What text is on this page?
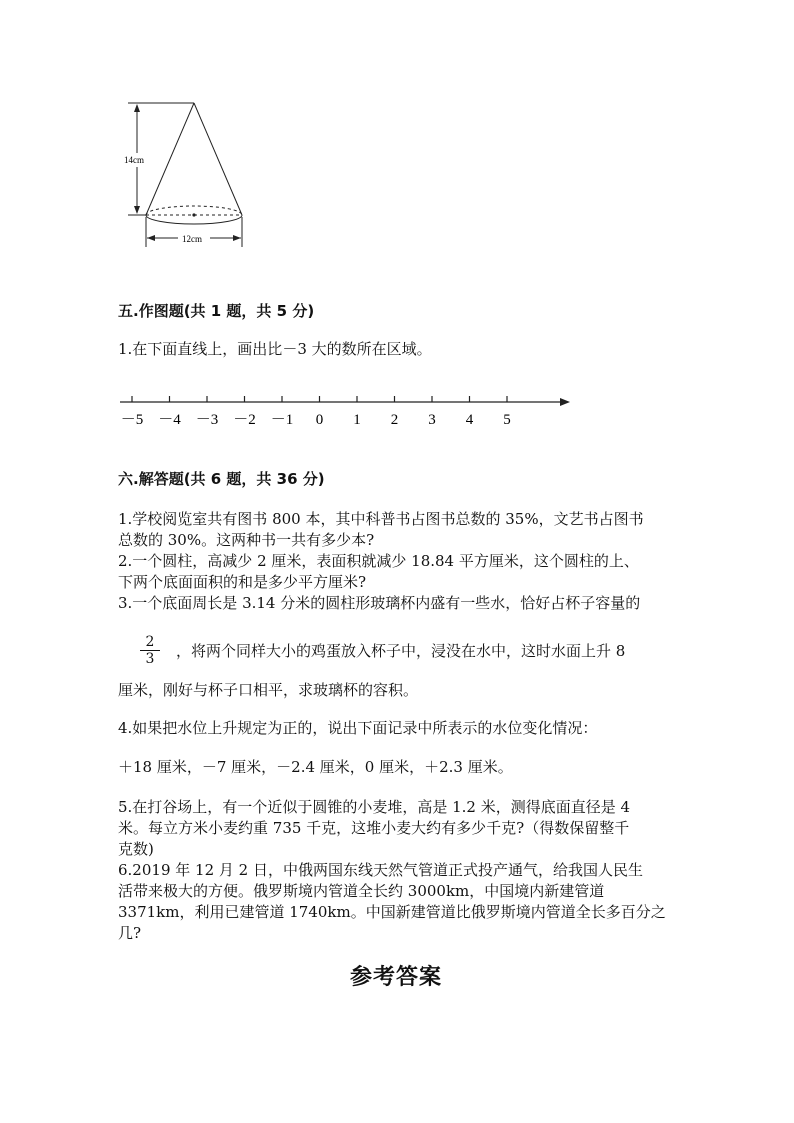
14cm
12cm
五.作图题(共 1 题，共 5 分)
1.在下面直线上，画出比－3 大的数所在区域。
－5 －4 －3 －2 －1 0 1 2 3 4 5
六.解答题(共 6 题，共 36 分)
1.学校阅览室共有图书 800 本，其中科普书占图书总数的 35%，文艺书占图书
总数的 30%。这两种书一共有多少本?
2.一个圆柱，高减少 2 厘米，表面积就减少 18.84 平方厘米，这个圆柱的上、
下两个底面面积的和是多少平方厘米?
3.一个底面周长是 3.14 分米的圆柱形玻璃杯内盛有一些水，恰好占杯子容量的
$\frac{2}{3}$ ，将两个同样大小的鸡蛋放入杯子中，浸没在水中，这时水面上升 8
厘米，刚好与杯子口相平，求玻璃杯的容积。
4.如果把水位上升规定为正的，说出下面记录中所表示的水位变化情况：
＋18 厘米，－7 厘米，－2.4 厘米，0 厘米，＋2.3 厘米。
5.在打谷场上，有一个近似于圆锥的小麦堆，高是 1.2 米，测得底面直径是 4
米。每立方米小麦约重 735 千克，这堆小麦大约有多少千克?（得数保留整千
克数)
6.2019 年 12 月 2 日，中俄两国东线天然气管道正式投产通气，给我国人民生
活带来极大的方便。俄罗斯境内管道全长约 3000km，中国境内新建管道
3371km，利用已建管道 1740km。中国新建管道比俄罗斯境内管道全长多百分之
几?
参考答案
